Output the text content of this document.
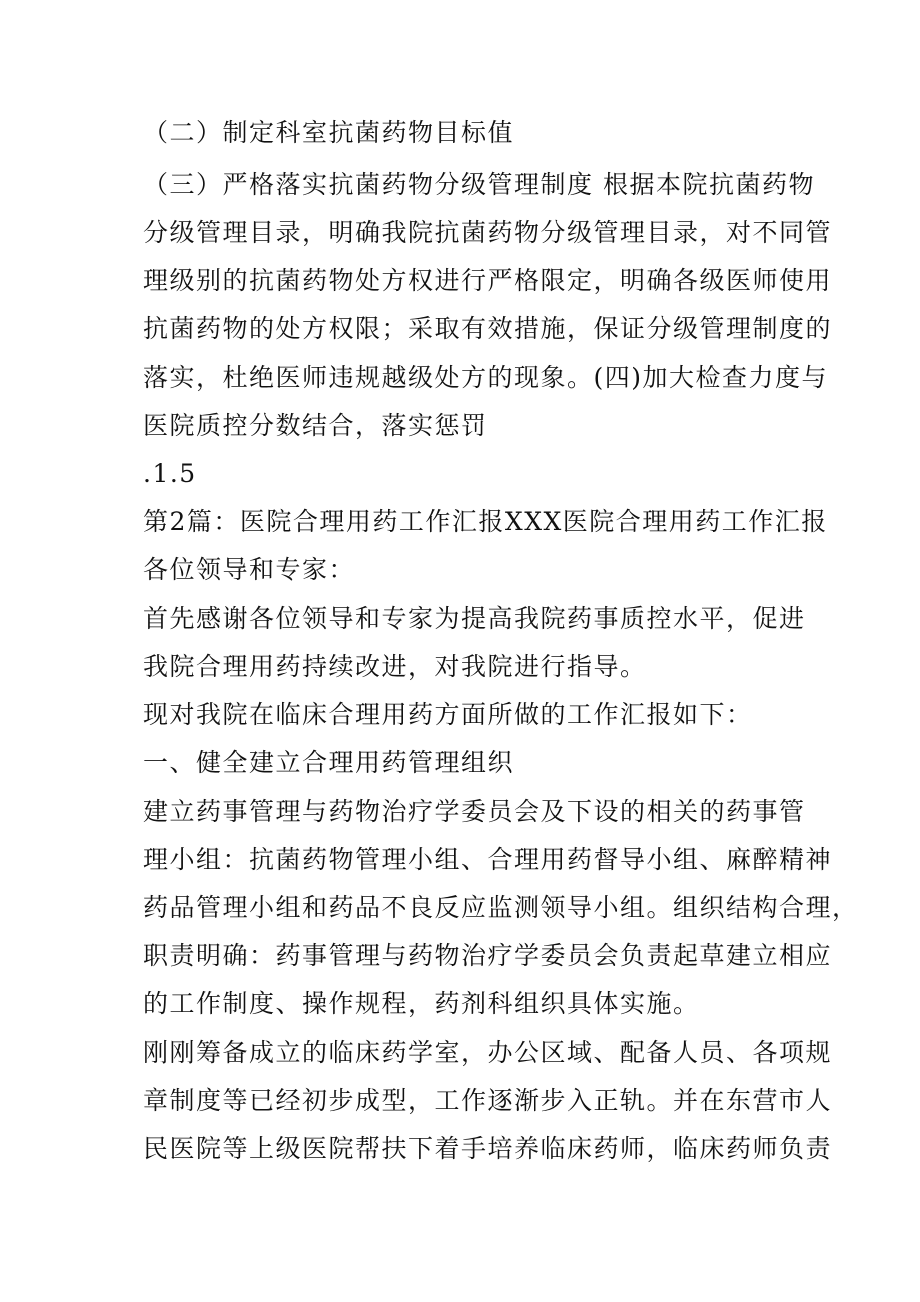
（二）制定科室抗菌药物目标值
（三）严格落实抗菌药物分级管理制度 根据本院抗菌药物
分级管理目录，明确我院抗菌药物分级管理目录，对不同管
理级别的抗菌药物处方权进行严格限定，明确各级医师使用
抗菌药物的处方权限；采取有效措施，保证分级管理制度的
落实，杜绝医师违规越级处方的现象。(四)加大检查力度与
医院质控分数结合，落实惩罚
.1.5
第2篇：医院合理用药工作汇报XXX医院合理用药工作汇报
各位领导和专家：
首先感谢各位领导和专家为提高我院药事质控水平，促进
我院合理用药持续改进，对我院进行指导。
现对我院在临床合理用药方面所做的工作汇报如下：
一、健全建立合理用药管理组织
建立药事管理与药物治疗学委员会及下设的相关的药事管
理小组：抗菌药物管理小组、合理用药督导小组、麻醉精神
药品管理小组和药品不良反应监测领导小组。组织结构合理，
职责明确：药事管理与药物治疗学委员会负责起草建立相应
的工作制度、操作规程，药剂科组织具体实施。
刚刚筹备成立的临床药学室，办公区域、配备人员、各项规
章制度等已经初步成型，工作逐渐步入正轨。并在东营市人
民医院等上级医院帮扶下着手培养临床药师，临床药师负责
